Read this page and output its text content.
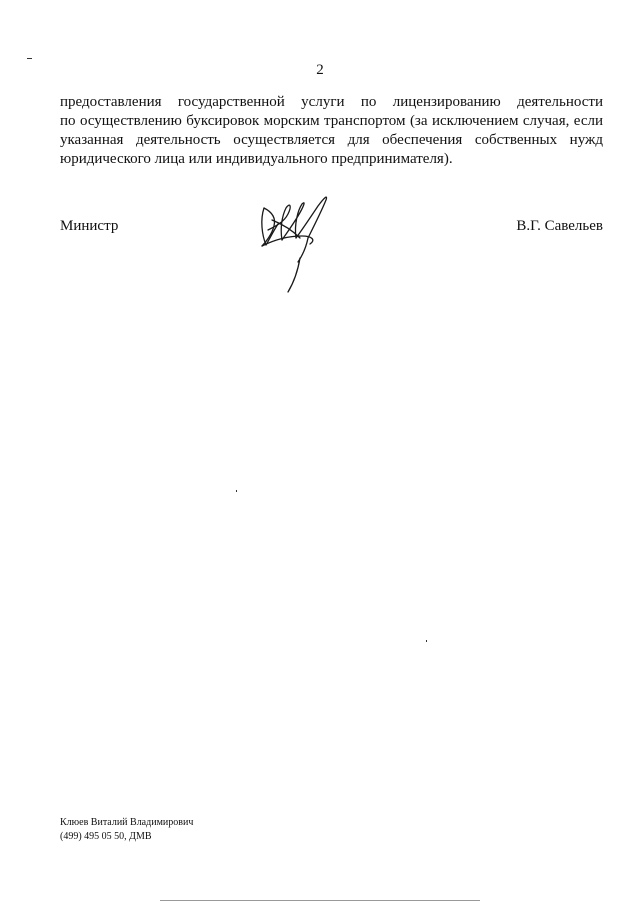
2
предоставления государственной услуги по лицензированию деятельности
по осуществлению буксировок морским транспортом (за исключением случая, если
указанная деятельность осуществляется для обеспечения собственных нужд
юридического лица или индивидуального предпринимателя).
Министр	В.Г. Савельев
Клюев Виталий Владимирович
(499) 495 05 50, ДМВ
